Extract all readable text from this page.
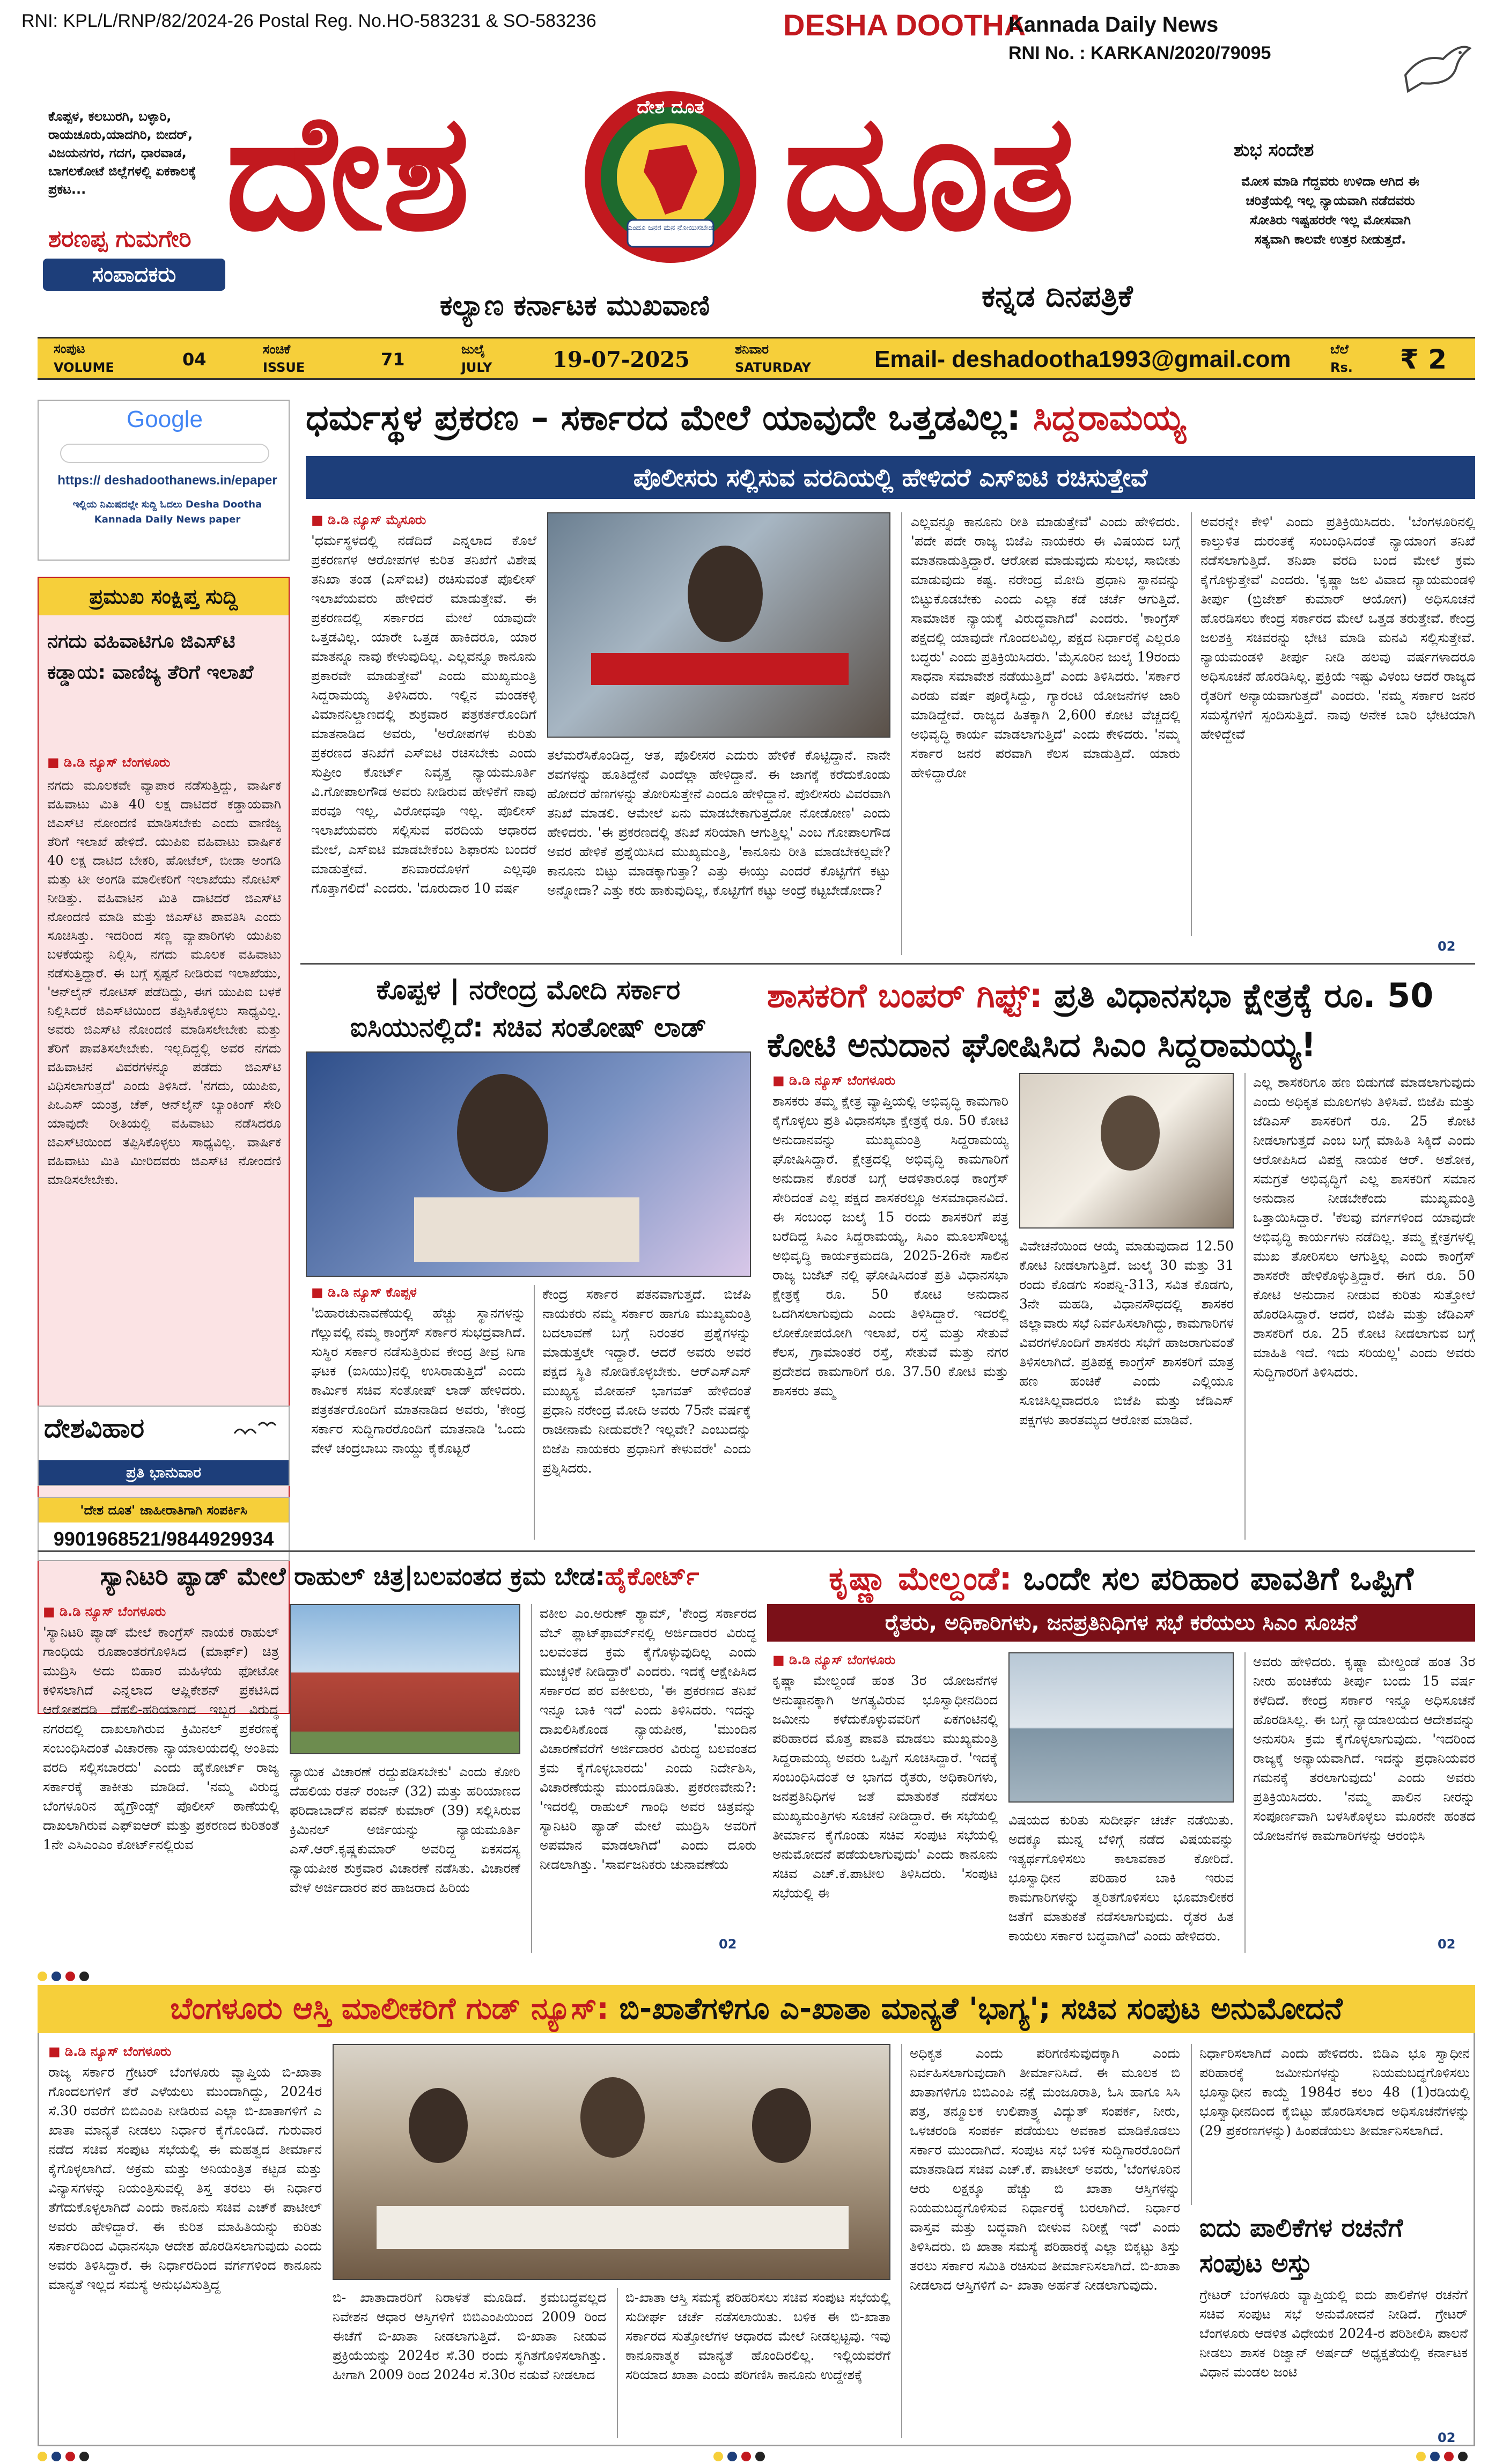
RNI: KPL/L/RNP/82/2024-26 Postal Reg. No.HO-583231 & SO-583236	DESHA DOOTHA
Kannada Daily News
RNI No. : KARKAN/2020/79095
ಕೊಪ್ಪಳ, ಕಲಬುರಗಿ, ಬಳ್ಳಾರಿ, ರಾಯಚೂರು,ಯಾದಗಿರಿ, ಬೀದರ್, ವಿಜಯನಗರ, ಗದಗ, ಧಾರವಾಡ, ಬಾಗಲಕೋಟೆ ಜಿಲ್ಲೆಗಳಲ್ಲಿ ಏಕಕಾಲಕ್ಕೆ ಪ್ರಕಟ... ದೇಶ ದೂತ
ದೇಶ ದೂತ
ಎಂದೂ ಜನರ ಮನ ನೋಯಿಸಬೇಡ
ಶರಣಪ್ಪ ಗುಮಗೇರಿ
ಸಂಪಾದಕರು
ಕಲ್ಯಾಣ ಕರ್ನಾಟಕ ಮುಖವಾಣಿ	ಕನ್ನಡ ದಿನಪತ್ರಿಕೆ
ಶುಭ ಸಂದೇಶ
ಮೋಸ ಮಾಡಿ ಗೆದ್ದವರು ಉಳಿದಾ ಆಗಿದ ಈ ಚರಿತ್ರೆಯಲ್ಲಿ ಇಲ್ಲ ನ್ಯಾಯವಾಗಿ ನಡೆದವರು ಸೋತಿರು ಇಷ್ಟಹರರೇ ಇಲ್ಲ ಮೋಸವಾಗಿ ಸತ್ಯವಾಗಿ ಕಾಲವೇ ಉತ್ತರ ನೀಡುತ್ತದೆ.
ಸಂಪುಟ
VOLUME	04	ಸಂಚಿಕೆ
ISSUE	71	ಜುಲೈ
JULY	19-07-2025	ಶನಿವಾರ
SATURDAY	Email- deshadootha1993@gmail.com	ಬೆಲೆ
Rs. ₹ 2
Google
https:// deshadoothanews.in/epaper
ಇಲ್ಲಿಯ ನಿಮಿಷದಲ್ಲೇ ಸುದ್ದಿ ಓದಲು Desha Dootha Kannada Daily News paper
ಪ್ರಮುಖ ಸಂಕ್ಷಿಪ್ತ ಸುದ್ದಿ
ನಗದು ವಹಿವಾಟಿಗೂ ಜಿಎಸ್‌ಟಿ ಕಡ್ಡಾಯ: ವಾಣಿಜ್ಯ ತೆರಿಗೆ ಇಲಾಖೆ
■ ಡಿ.ಡಿ ನ್ಯೂಸ್ ಬೆಂಗಳೂರು
ನಗದು ಮೂಲಕವೇ ವ್ಯಾಪಾರ ನಡೆಸುತ್ತಿದ್ದು, ವಾರ್ಷಿಕ ವಹಿವಾಟು ಮಿತಿ 40 ಲಕ್ಷ ದಾಟಿದರೆ ಕಡ್ಡಾಯವಾಗಿ ಜಿಎಸ್‌ಟಿ ನೋಂದಣಿ ಮಾಡಿಸಬೇಕು ಎಂದು ವಾಣಿಜ್ಯ ತೆರಿಗೆ ಇಲಾಖೆ ಹೇಳಿದೆ. ಯುಪಿಐ ವಹಿವಾಟು ವಾರ್ಷಿಕ 40 ಲಕ್ಷ ದಾಟಿದ ಬೇಕರಿ, ಹೋಟೆಲ್, ಬೀಡಾ ಅಂಗಡಿ ಮತ್ತು ಟೀ ಅಂಗಡಿ ಮಾಲೀಕರಿಗೆ ಇಲಾಖೆಯು ನೋಟಿಸ್ ನೀಡಿತ್ತು. ವಹಿವಾಟಿನ ಮಿತಿ ದಾಟಿದರೆ ಜಿಎಸ್‌ಟಿ ನೋಂದಣಿ ಮಾಡಿ ಮತ್ತು ಜಿಎಸ್‌ಟಿ ಪಾವತಿಸಿ ಎಂದು ಸೂಚಿಸಿತ್ತು. ಇದರಿಂದ ಸಣ್ಣ ವ್ಯಾಪಾರಿಗಳು ಯುಪಿಐ ಬಳಕೆಯನ್ನು ನಿಲ್ಲಿಸಿ, ನಗದು ಮೂಲಕ ವಹಿವಾಟು ನಡೆಸುತ್ತಿದ್ದಾರೆ. ಈ ಬಗ್ಗೆ ಸ್ಪಷ್ಟನೆ ನೀಡಿರುವ ಇಲಾಖೆಯು, 'ಆನ್‌ಲೈನ್ ನೋಟಿಸ್ ಪಡೆದಿದ್ದು, ಈಗ ಯುಪಿಐ ಬಳಕೆ ನಿಲ್ಲಿಸಿದರೆ ಜಿಎಸ್‌ಟಿಯಿಂದ ತಪ್ಪಿಸಿಕೊಳ್ಳಲು ಸಾಧ್ಯವಿಲ್ಲ. ಅವರು ಜಿಎಸ್‌ಟಿ ನೋಂದಣಿ ಮಾಡಿಸಲೇಬೇಕು ಮತ್ತು ತೆರಿಗೆ ಪಾವತಿಸಲೇಬೇಕು. ಇಲ್ಲದಿದ್ದಲ್ಲಿ ಅವರ ನಗದು ವಹಿವಾಟಿನ ವಿವರಗಳನ್ನೂ ಪಡೆದು ಜಿಎಸ್‌ಟಿ ವಿಧಿಸಲಾಗುತ್ತದೆ' ಎಂದು ತಿಳಿಸಿದೆ. 'ನಗದು, ಯುಪಿಐ, ಪಿಒಎಸ್ ಯಂತ್ರ, ಚೆಕ್, ಆನ್‌ಲೈನ್ ಬ್ಯಾಂಕಿಂಗ್ ಸೇರಿ ಯಾವುದೇ ರೀತಿಯಲ್ಲಿ ವಹಿವಾಟು ನಡೆಸಿದರೂ ಜಿಎಸ್‌ಟಿಯಿಂದ ತಪ್ಪಿಸಿಕೊಳ್ಳಲು ಸಾಧ್ಯವಿಲ್ಲ. ವಾರ್ಷಿಕ ವಹಿವಾಟು ಮಿತಿ ಮೀರಿದವರು ಜಿಎಸ್‌ಟಿ ನೋಂದಣಿ ಮಾಡಿಸಲೇಬೇಕು.
ದೇಶವಿಹಾರ
ಪ್ರತಿ ಭಾನುವಾರ
'ದೇಶ ದೂತ' ಜಾಹೀರಾತಿಗಾಗಿ ಸಂಪರ್ಕಿಸಿ
9901968521/9844929934
ಧರ್ಮಸ್ಥಳ ಪ್ರಕರಣ – ಸರ್ಕಾರದ ಮೇಲೆ ಯಾವುದೇ ಒತ್ತಡವಿಲ್ಲ: ಸಿದ್ದರಾಮಯ್ಯ
ಪೊಲೀಸರು ಸಲ್ಲಿಸುವ ವರದಿಯಲ್ಲಿ ಹೇಳಿದರೆ ಎಸ್‌ಐಟಿ ರಚಿಸುತ್ತೇವೆ
■ ಡಿ.ಡಿ ನ್ಯೂಸ್ ಮೈಸೂರು
'ಧರ್ಮಸ್ಥಳದಲ್ಲಿ ನಡೆದಿದೆ ಎನ್ನಲಾದ ಕೊಲೆ ಪ್ರಕರಣಗಳ ಆರೋಪಗಳ ಕುರಿತ ತನಿಖೆಗೆ ವಿಶೇಷ ತನಿಖಾ ತಂಡ (ಎಸ್‌ಐಟಿ) ರಚಿಸುವಂತೆ ಪೊಲೀಸ್ ಇಲಾಖೆಯವರು ಹೇಳಿದರೆ ಮಾಡುತ್ತೇವೆ. ಈ ಪ್ರಕರಣದಲ್ಲಿ ಸರ್ಕಾರದ ಮೇಲೆ ಯಾವುದೇ ಒತ್ತಡವಿಲ್ಲ. ಯಾರೇ ಒತ್ತಡ ಹಾಕಿದರೂ, ಯಾರ ಮಾತನ್ನೂ ನಾವು ಕೇಳುವುದಿಲ್ಲ. ಎಲ್ಲವನ್ನೂ ಕಾನೂನು ಪ್ರಕಾರವೇ ಮಾಡುತ್ತೇವೆ' ಎಂದು ಮುಖ್ಯಮಂತ್ರಿ ಸಿದ್ದರಾಮಯ್ಯ ತಿಳಿಸಿದರು. ಇಲ್ಲಿನ ಮಂಡಕಳ್ಳಿ ವಿಮಾನನಿಲ್ದಾಣದಲ್ಲಿ ಶುಕ್ರವಾರ ಪತ್ರಕರ್ತರೊಂದಿಗೆ ಮಾತನಾಡಿದ ಅವರು, 'ಅರೋಪಗಳ ಕುರಿತು ಪ್ರಕರಣದ ತನಿಖೆಗೆ ಎಸ್‌ಐಟಿ ರಚಿಸಬೇಕು ಎಂದು ಸುಪ್ರೀಂ ಕೋರ್ಟ್ ನಿವೃತ್ತ ನ್ಯಾಯಮೂರ್ತಿ ವಿ.ಗೋಪಾಲಗೌಡ ಅವರು ನೀಡಿರುವ ಹೇಳಿಕೆಗೆ ನಾವು ಪರವೂ ಇಲ್ಲ, ವಿರೋಧವೂ ಇಲ್ಲ. ಪೊಲೀಸ್ ಇಲಾಖೆಯವರು ಸಲ್ಲಿಸುವ ವರದಿಯ ಆಧಾರದ ಮೇಲೆ, ಎಸ್‌ಐಟಿ ಮಾಡಬೇಕೆಂಬ ಶಿಫಾರಸು ಬಂದರೆ ಮಾಡುತ್ತೇವೆ. ಶನಿವಾರದೊಳಗೆ ಎಲ್ಲವೂ ಗೊತ್ತಾಗಲಿದೆ' ಎಂದರು. 'ದೂರುದಾರ 10 ವರ್ಷ
ತಲೆಮರೆಸಿಕೊಂಡಿದ್ದ, ಆತ, ಪೊಲೀಸರ ಎದುರು ಹೇಳಿಕೆ ಕೊಟ್ಟಿದ್ದಾನೆ. ನಾನೇ ಶವಗಳನ್ನು ಹೂತಿದ್ದೇನೆ ಎಂದೆಲ್ಲಾ ಹೇಳಿದ್ದಾನೆ. ಈ ಜಾಗಕ್ಕೆ ಕರೆದುಕೊಂಡು ಹೋದರೆ ಹೆಣಗಳನ್ನು ತೋರಿಸುತ್ತೇನೆ ಎಂದೂ ಹೇಳಿದ್ದಾನೆ. ಪೊಲೀಸರು ವಿವರವಾಗಿ ತನಿಖೆ ಮಾಡಲಿ. ಆಮೇಲೆ ಏನು ಮಾಡಬೇಕಾಗುತ್ತದೋ ನೋಡೋಣ' ಎಂದು ಹೇಳಿದರು. 'ಈ ಪ್ರಕರಣದಲ್ಲಿ ತನಿಖೆ ಸರಿಯಾಗಿ ಆಗುತ್ತಿಲ್ಲ' ಎಂಬ ಗೋಪಾಲಗೌಡ ಅವರ ಹೇಳಿಕೆ ಪ್ರಶ್ನೆಯಿಸಿದ ಮುಖ್ಯಮಂತ್ರಿ, 'ಕಾನೂನು ರೀತಿ ಮಾಡಬೇಕಲ್ಲವೇ? ಕಾನೂನು ಬಿಟ್ಟು ಮಾಡಕ್ಕಾಗುತ್ತಾ? ಎತ್ತು ಈಯ್ತು ಎಂದರೆ ಕೊಟ್ಟಿಗೆಗೆ ಕಟ್ಟು ಅನ್ನೋದಾ? ಎತ್ತು ಕರು ಹಾಕುವುದಿಲ್ಲ, ಕೊಟ್ಟಿಗೆಗೆ ಕಟ್ಟು ಅಂದ್ರೆ ಕಟ್ಟಬೇಡೋದಾ?
ಎಲ್ಲವನ್ನೂ ಕಾನೂನು ರೀತಿ ಮಾಡುತ್ತೇವೆ' ಎಂದು ಹೇಳಿದರು. 'ಪದೇ ಪದೇ ರಾಜ್ಯ ಬಿಜೆಪಿ ನಾಯಕರು ಈ ವಿಷಯದ ಬಗ್ಗೆ ಮಾತನಾಡುತ್ತಿದ್ದಾರೆ. ಆರೋಪ ಮಾಡುವುದು ಸುಲಭ, ಸಾಬೀತು ಮಾಡುವುದು ಕಷ್ಟ. ನರೇಂದ್ರ ಮೋದಿ ಪ್ರಧಾನಿ ಸ್ಥಾನವನ್ನು ಬಿಟ್ಟುಕೊಡಬೇಕು ಎಂದು ಎಲ್ಲಾ ಕಡೆ ಚರ್ಚೆ ಆಗುತ್ತಿದೆ. ಸಾಮಾಜಿಕ ನ್ಯಾಯಕ್ಕೆ ವಿರುದ್ಧವಾಗಿದೆ' ಎಂದರು. 'ಕಾಂಗ್ರೆಸ್ ಪಕ್ಷದಲ್ಲಿ ಯಾವುದೇ ಗೊಂದಲವಿಲ್ಲ, ಪಕ್ಷದ ನಿರ್ಧಾರಕ್ಕೆ ಎಲ್ಲರೂ ಬದ್ಧರು' ಎಂದು ಪ್ರತಿಕ್ರಿಯಿಸಿದರು. 'ಮೈಸೂರಿನ ಜುಲೈ 19ರಂದು ಸಾಧನಾ ಸಮಾವೇಶ ನಡೆಯುತ್ತಿದೆ' ಎಂದು ತಿಳಿಸಿದರು. 'ಸರ್ಕಾರ ಎರಡು ವರ್ಷ ಪೂರೈಸಿದ್ದು, ಗ್ಯಾರಂಟಿ ಯೋಜನೆಗಳ ಜಾರಿ ಮಾಡಿದ್ದೇವೆ. ರಾಜ್ಯದ ಹಿತಕ್ಕಾಗಿ 2,600 ಕೋಟಿ ವೆಚ್ಚದಲ್ಲಿ ಅಭಿವೃದ್ಧಿ ಕಾರ್ಯ ಮಾಡಲಾಗುತ್ತಿದೆ' ಎಂದು ಕೇಳಿದರು. 'ನಮ್ಮ ಸರ್ಕಾರ ಜನರ ಪರವಾಗಿ ಕೆಲಸ ಮಾಡುತ್ತಿದೆ. ಯಾರು ಹೇಳಿದ್ದಾರೋ
ಅವರನ್ನೇ ಕೇಳಿ' ಎಂದು ಪ್ರತಿಕ್ರಿಯಿಸಿದರು. 'ಬೆಂಗಳೂರಿನಲ್ಲಿ ಕಾಲ್ತುಳಿತ ದುರಂತಕ್ಕೆ ಸಂಬಂಧಿಸಿದಂತೆ ನ್ಯಾಯಾಂಗ ತನಿಖೆ ನಡೆಸಲಾಗುತ್ತಿದೆ. ತನಿಖಾ ವರದಿ ಬಂದ ಮೇಲೆ ಕ್ರಮ ಕೈಗೊಳ್ಳುತ್ತೇವೆ' ಎಂದರು. 'ಕೃಷ್ಣಾ ಜಲ ವಿವಾದ ನ್ಯಾಯಮಂಡಳಿ ತೀರ್ಪು (ಬ್ರಿಜೇಶ್ ಕುಮಾರ್ ಆಯೋಗ) ಅಧಿಸೂಚನೆ ಹೊರಡಿಸಲು ಕೇಂದ್ರ ಸರ್ಕಾರದ ಮೇಲೆ ಒತ್ತಡ ತರುತ್ತೇವೆ. ಕೇಂದ್ರ ಜಲಶಕ್ತಿ ಸಚಿವರನ್ನು ಭೇಟಿ ಮಾಡಿ ಮನವಿ ಸಲ್ಲಿಸುತ್ತೇವೆ. ನ್ಯಾಯಮಂಡಳಿ ತೀರ್ಪು ನೀಡಿ ಹಲವು ವರ್ಷಗಳಾದರೂ ಅಧಿಸೂಚನೆ ಹೊರಡಿಸಿಲ್ಲ. ಪ್ರಕ್ರಿಯೆ ಇಷ್ಟು ವಿಳಂಬ ಆದರೆ ರಾಜ್ಯದ ರೈತರಿಗೆ ಅನ್ಯಾಯವಾಗುತ್ತದೆ' ಎಂದರು. 'ನಮ್ಮ ಸರ್ಕಾರ ಜನರ ಸಮಸ್ಯೆಗಳಿಗೆ ಸ್ಪಂದಿಸುತ್ತಿದೆ. ನಾವು ಅನೇಕ ಬಾರಿ ಭೇಟಿಯಾಗಿ ಹೇಳಿದ್ದೇವೆ
02
ಕೊಪ್ಪಳ | ನರೇಂದ್ರ ಮೋದಿ ಸರ್ಕಾರ ಐಸಿಯುನಲ್ಲಿದೆ: ಸಚಿವ ಸಂತೋಷ್ ಲಾಡ್
■ ಡಿ.ಡಿ ನ್ಯೂಸ್ ಕೊಪ್ಪಳ
'ಬಿಹಾರಚುನಾವಣೆಯಲ್ಲಿ ಹೆಚ್ಚು ಸ್ಥಾನಗಳನ್ನು ಗೆಲ್ಲುವಲ್ಲಿ ನಮ್ಮ ಕಾಂಗ್ರೆಸ್ ಸರ್ಕಾರ ಸುಭದ್ರವಾಗಿದೆ. ಸುಸ್ಥಿರ ಸರ್ಕಾರ ನಡೆಸುತ್ತಿರುವ ಕೇಂದ್ರ ತೀವ್ರ ನಿಗಾ ಘಟಕ (ಐಸಿಯು)ನಲ್ಲಿ ಉಸಿರಾಡುತ್ತಿದೆ' ಎಂದು ಕಾರ್ಮಿಕ ಸಚಿವ ಸಂತೋಷ್ ಲಾಡ್ ಹೇಳಿದರು. ಪತ್ರಕರ್ತರೊಂದಿಗೆ ಮಾತನಾಡಿದ ಅವರು, 'ಕೇಂದ್ರ ಸರ್ಕಾರ ಸುದ್ದಿಗಾರರೊಂದಿಗೆ ಮಾತನಾಡಿ 'ಒಂದು ವೇಳೆ ಚಂದ್ರಬಾಬು ನಾಯ್ಡು ಕೈಕೊಟ್ಟರೆ
ಕೇಂದ್ರ ಸರ್ಕಾರ ಪತನವಾಗುತ್ತದೆ. ಬಿಜೆಪಿ ನಾಯಕರು ನಮ್ಮ ಸರ್ಕಾರ ಹಾಗೂ ಮುಖ್ಯಮಂತ್ರಿ ಬದಲಾವಣೆ ಬಗ್ಗೆ ನಿರಂತರ ಪ್ರಶ್ನೆಗಳನ್ನು ಮಾಡುತ್ತಲೇ ಇದ್ದಾರೆ. ಆದರೆ ಅವರು ಅವರ ಪಕ್ಷದ ಸ್ಥಿತಿ ನೋಡಿಕೊಳ್ಳಬೇಕು. ಆರ್‌ಎಸ್‌ಎಸ್ ಮುಖ್ಯಸ್ಥ ಮೋಹನ್ ಭಾಗವತ್ ಹೇಳಿದಂತೆ ಪ್ರಧಾನಿ ನರೇಂದ್ರ ಮೋದಿ ಅವರು 75ನೇ ವರ್ಷಕ್ಕೆ ರಾಜೀನಾಮೆ ನೀಡುವರೇ? ಇಲ್ಲವೇ? ಎಂಬುದನ್ನು ಬಿಜೆಪಿ ನಾಯಕರು ಪ್ರಧಾನಿಗೆ ಕೇಳುವರೇ' ಎಂದು ಪ್ರಶ್ನಿಸಿದರು.
ಶಾಸಕರಿಗೆ ಬಂಪರ್ ಗಿಫ್ಟ್: ಪ್ರತಿ ವಿಧಾನಸಭಾ ಕ್ಷೇತ್ರಕ್ಕೆ ರೂ. 50 ಕೋಟಿ ಅನುದಾನ ಘೋಷಿಸಿದ ಸಿಎಂ ಸಿದ್ದರಾಮಯ್ಯ!
■ ಡಿ.ಡಿ ನ್ಯೂಸ್ ಬೆಂಗಳೂರು
ಶಾಸಕರು ತಮ್ಮ ಕ್ಷೇತ್ರ ವ್ಯಾಪ್ತಿಯಲ್ಲಿ ಅಭಿವೃದ್ಧಿ ಕಾಮಗಾರಿ ಕೈಗೊಳ್ಳಲು ಪ್ರತಿ ವಿಧಾನಸಭಾ ಕ್ಷೇತ್ರಕ್ಕೆ ರೂ. 50 ಕೋಟಿ ಅನುದಾನವನ್ನು ಮುಖ್ಯಮಂತ್ರಿ ಸಿದ್ದರಾಮಯ್ಯ ಘೋಷಿಸಿದ್ದಾರೆ. ಕ್ಷೇತ್ರದಲ್ಲಿ ಅಭಿವೃದ್ಧಿ ಕಾಮಗಾರಿಗೆ ಅನುದಾನ ಕೊರತೆ ಬಗ್ಗೆ ಆಡಳಿತಾರೂಢ ಕಾಂಗ್ರೆಸ್ ಸೇರಿದಂತೆ ಎಲ್ಲ ಪಕ್ಷದ ಶಾಸಕರಲ್ಲೂ ಅಸಮಾಧಾನವಿದೆ. ಈ ಸಂಬಂಧ ಜುಲೈ 15 ರಂದು ಶಾಸಕರಿಗೆ ಪತ್ರ ಬರೆದಿದ್ದ ಸಿಎಂ ಸಿದ್ದರಾಮಯ್ಯ, ಸಿಎಂ ಮೂಲಸೌಲಭ್ಯ ಅಭಿವೃದ್ಧಿ ಕಾರ್ಯಕ್ರಮದಡಿ, 2025-26ನೇ ಸಾಲಿನ ರಾಜ್ಯ ಬಜೆಟ್ ನಲ್ಲಿ ಘೋಷಿಸಿದಂತೆ ಪ್ರತಿ ವಿಧಾನಸಭಾ ಕ್ಷೇತ್ರಕ್ಕೆ ರೂ. 50 ಕೋಟಿ ಅನುದಾನ ಒದಗಿಸಲಾಗುವುದು ಎಂದು ತಿಳಿಸಿದ್ದಾರೆ. ಇದರಲ್ಲಿ ಲೋಕೋಪಯೋಗಿ ಇಲಾಖೆ, ರಸ್ತೆ ಮತ್ತು ಸೇತುವೆ ಕೆಲಸ, ಗ್ರಾಮಾಂತರ ರಸ್ತೆ, ಸೇತುವೆ ಮತ್ತು ನಗರ ಪ್ರದೇಶದ ಕಾಮಗಾರಿಗೆ ರೂ. 37.50 ಕೋಟಿ ಮತ್ತು ಶಾಸಕರು ತಮ್ಮ
ವಿವೇಚನೆಯಿಂದ ಆಯ್ಕೆ ಮಾಡುವುದಾದ 12.50 ಕೋಟಿ ನೀಡಲಾಗುತ್ತಿದೆ. ಜುಲೈ 30 ಮತ್ತು 31 ರಂದು ಕೊಡಗು ಸಂಪನ್ನಿ-313, ಸವಿತ ಕೊಡಗು, 3ನೇ ಮಹಡಿ, ವಿಧಾನಸೌಧದಲ್ಲಿ ಶಾಸಕರ ಜಿಲ್ಲಾವಾರು ಸಭೆ ನಿರ್ವಹಿಸಲಾಗಿದ್ದು, ಕಾಮಗಾರಿಗಳ ವಿವರಗಳೊಂದಿಗೆ ಶಾಸಕರು ಸಭೆಗೆ ಹಾಜರಾಗುವಂತೆ ತಿಳಿಸಲಾಗಿದೆ. ಪ್ರತಿಪಕ್ಷ ಕಾಂಗ್ರೆಸ್ ಶಾಸಕರಿಗೆ ಮಾತ್ರ ಹಣ ಹಂಚಿಕೆ ಎಂದು ಎಲ್ಲಿಯೂ ಸೂಚಿಸಿಲ್ಲವಾದರೂ ಬಿಜೆಪಿ ಮತ್ತು ಜೆಡಿಎಸ್ ಪಕ್ಷಗಳು ತಾರತಮ್ಯದ ಆರೋಪ ಮಾಡಿವೆ.
ಎಲ್ಲ ಶಾಸಕರಿಗೂ ಹಣ ಬಿಡುಗಡೆ ಮಾಡಲಾಗುವುದು ಎಂದು ಅಧಿಕೃತ ಮೂಲಗಳು ತಿಳಿಸಿವೆ. ಬಿಜೆಪಿ ಮತ್ತು ಜೆಡಿಎಸ್ ಶಾಸಕರಿಗೆ ರೂ. 25 ಕೋಟಿ ನೀಡಲಾಗುತ್ತದೆ ಎಂಬ ಬಗ್ಗೆ ಮಾಹಿತಿ ಸಿಕ್ಕಿದೆ ಎಂದು ಆರೋಪಿಸಿದ ವಿಪಕ್ಷ ನಾಯಕ ಆರ್. ಅಶೋಕ, ಸಮಗ್ರತೆ ಅಭಿವೃದ್ಧಿಗೆ ಎಲ್ಲ ಶಾಸಕರಿಗೆ ಸಮಾನ ಅನುದಾನ ನೀಡಬೇಕೆಂದು ಮುಖ್ಯಮಂತ್ರಿ ಒತ್ತಾಯಿಸಿದ್ದಾರೆ. 'ಕೆಲವು ವರ್ಗಗಳಿಂದ ಯಾವುದೇ ಅಭಿವೃದ್ಧಿ ಕಾರ್ಯಗಳು ನಡೆದಿಲ್ಲ. ತಮ್ಮ ಕ್ಷೇತ್ರಗಳಲ್ಲಿ ಮುಖ ತೋರಿಸಲು ಆಗುತ್ತಿಲ್ಲ ಎಂದು ಕಾಂಗ್ರೆಸ್ ಶಾಸಕರೇ ಹೇಳಿಕೊಳ್ಳುತ್ತಿದ್ದಾರೆ. ಈಗ ರೂ. 50 ಕೋಟಿ ಅನುದಾನ ನೀಡುವ ಕುರಿತು ಸುತ್ತೋಲೆ ಹೊರಡಿಸಿದ್ದಾರೆ. ಆದರೆ, ಬಿಜೆಪಿ ಮತ್ತು ಜೆಡಿಎಸ್ ಶಾಸಕರಿಗೆ ರೂ. 25 ಕೋಟಿ ನೀಡಲಾಗುವ ಬಗ್ಗೆ ಮಾಹಿತಿ ಇದೆ. ಇದು ಸರಿಯಲ್ಲ' ಎಂದು ಅವರು ಸುದ್ದಿಗಾರರಿಗೆ ತಿಳಿಸಿದರು.
ಸ್ಯಾನಿಟರಿ ಪ್ಯಾಡ್ ಮೇಲೆ ರಾಹುಲ್ ಚಿತ್ರ|ಬಲವಂತದ ಕ್ರಮ ಬೇಡ:ಹೈಕೋರ್ಟ್
■ ಡಿ.ಡಿ ನ್ಯೂಸ್ ಬೆಂಗಳೂರು
'ಸ್ಯಾನಿಟರಿ ಪ್ಯಾಡ್ ಮೇಲೆ ಕಾಂಗ್ರೆಸ್ ನಾಯಕ ರಾಹುಲ್ ಗಾಂಧಿಯ ರೂಪಾಂತರಗೊಳಿಸಿದ (ಮಾರ್ಫ್) ಚಿತ್ರ ಮುದ್ರಿಸಿ ಅದು ಬಿಹಾರ ಮಹಿಳೆಯ ಫೋಟೋ ಕಳಿಸಲಾಗಿದೆ ಎನ್ನಲಾದ ಆಪ್ಲಿಕೇಶನ್ ಪ್ರಕಟಿಸಿದ ಆರೋಪದಡಿ ದೆಹಲಿ-ಹರಿಯಾಣದ ಇಬ್ಬರ ವಿರುದ್ಧ ನಗರದಲ್ಲಿ ದಾಖಲಾಗಿರುವ ಕ್ರಿಮಿನಲ್ ಪ್ರಕರಣಕ್ಕೆ ಸಂಬಂಧಿಸಿದಂತೆ ವಿಚಾರಣಾ ನ್ಯಾಯಾಲಯದಲ್ಲಿ ಅಂತಿಮ ವರದಿ ಸಲ್ಲಿಸಬಾರದು' ಎಂದು ಹೈಕೋರ್ಟ್ ರಾಜ್ಯ ಸರ್ಕಾರಕ್ಕೆ ತಾಕೀತು ಮಾಡಿದೆ. 'ನಮ್ಮ ವಿರುದ್ಧ ಬೆಂಗಳೂರಿನ ಹೈಗ್ರೌಂಡ್ಸ್ ಪೊಲೀಸ್ ಠಾಣೆಯಲ್ಲಿ ದಾಖಲಾಗಿರುವ ಎಫ್‌ಐಆರ್ ಮತ್ತು ಪ್ರಕರಣದ ಕುರಿತಂತೆ 1ನೇ ಎಸಿಎಂಎಂ ಕೋರ್ಟ್‌ನಲ್ಲಿರುವ
ನ್ಯಾಯಿಕ ವಿಚಾರಣೆ ರದ್ದುಪಡಿಸಬೇಕು' ಎಂದು ಕೋರಿ ದೆಹಲಿಯ ರತನ್ ರಂಜನ್ (32) ಮತ್ತು ಹರಿಯಾಣದ ಫರಿದಾಬಾದ್‌ನ ಪವನ್ ಕುಮಾರ್ (39) ಸಲ್ಲಿಸಿರುವ ಕ್ರಿಮಿನಲ್ ಅರ್ಜಿಯನ್ನು ನ್ಯಾಯಮೂರ್ತಿ ಎಸ್.ಆರ್.ಕೃಷ್ಣಕುಮಾರ್ ಅವರಿದ್ದ ಏಕಸದಸ್ಯ ನ್ಯಾಯಪೀಠ ಶುಕ್ರವಾರ ವಿಚಾರಣೆ ನಡೆಸಿತು. ವಿಚಾರಣೆ ವೇಳೆ ಅರ್ಜಿದಾರರ ಪರ ಹಾಜರಾದ ಹಿರಿಯ
ವಕೀಲ ಎಂ.ಅರುಣ್ ಶ್ಯಾಮ್, 'ಕೇಂದ್ರ ಸರ್ಕಾರದ ವೆಬ್ ಪ್ಲಾಟ್‌ಫಾರ್ಮ್‌ನಲ್ಲಿ ಅರ್ಜಿದಾರರ ವಿರುದ್ಧ ಬಲವಂತದ ಕ್ರಮ ಕೈಗೊಳ್ಳುವುದಿಲ್ಲ ಎಂದು ಮುಚ್ಚಳಿಕೆ ನೀಡಿದ್ದಾರೆ' ಎಂದರು. ಇದಕ್ಕೆ ಆಕ್ಷೇಪಿಸಿದ ಸರ್ಕಾರದ ಪರ ವಕೀಲರು, 'ಈ ಪ್ರಕರಣದ ತನಿಖೆ ಇನ್ನೂ ಬಾಕಿ ಇದೆ' ಎಂದು ತಿಳಿಸಿದರು. ಇದನ್ನು ದಾಖಲಿಸಿಕೊಂಡ ನ್ಯಾಯಪೀಠ, 'ಮುಂದಿನ ವಿಚಾರಣೆವರೆಗೆ ಅರ್ಜಿದಾರರ ವಿರುದ್ಧ ಬಲವಂತದ ಕ್ರಮ ಕೈಗೊಳ್ಳಬಾರದು' ಎಂದು ನಿರ್ದೇಶಿಸಿ, ವಿಚಾರಣೆಯನ್ನು ಮುಂದೂಡಿತು. ಪ್ರಕರಣವೇನು?: 'ಇದರಲ್ಲಿ ರಾಹುಲ್ ಗಾಂಧಿ ಅವರ ಚಿತ್ರವನ್ನು ಸ್ಯಾನಿಟರಿ ಪ್ಯಾಡ್ ಮೇಲೆ ಮುದ್ರಿಸಿ ಅವರಿಗೆ ಅಪಮಾನ ಮಾಡಲಾಗಿದೆ' ಎಂದು ದೂರು ನೀಡಲಾಗಿತ್ತು. 'ಸಾರ್ವಜನಿಕರು ಚುನಾವಣೆಯ
02
ಕೃಷ್ಣಾ ಮೇಲ್ದಂಡೆ: ಒಂದೇ ಸಲ ಪರಿಹಾರ ಪಾವತಿಗೆ ಒಪ್ಪಿಗೆ
ರೈತರು, ಅಧಿಕಾರಿಗಳು, ಜನಪ್ರತಿನಿಧಿಗಳ ಸಭೆ ಕರೆಯಲು ಸಿಎಂ ಸೂಚನೆ
■ ಡಿ.ಡಿ ನ್ಯೂಸ್ ಬೆಂಗಳೂರು
ಕೃಷ್ಣಾ ಮೇಲ್ದಂಡೆ ಹಂತ 3ರ ಯೋಜನೆಗಳ ಅನುಷ್ಠಾನಕ್ಕಾಗಿ ಅಗತ್ಯವಿರುವ ಭೂಸ್ವಾಧೀನದಿಂದ ಜಮೀನು ಕಳೆದುಕೊಳ್ಳುವವರಿಗೆ ಏಕಗಂಟಿನಲ್ಲಿ ಪರಿಹಾರದ ಮೊತ್ತ ಪಾವತಿ ಮಾಡಲು ಮುಖ್ಯಮಂತ್ರಿ ಸಿದ್ದರಾಮಯ್ಯ ಅವರು ಒಪ್ಪಿಗೆ ಸೂಚಿಸಿದ್ದಾರೆ. 'ಇದಕ್ಕೆ ಸಂಬಂಧಿಸಿದಂತೆ ಆ ಭಾಗದ ರೈತರು, ಅಧಿಕಾರಿಗಳು, ಜನಪ್ರತಿನಿಧಿಗಳ ಜತೆ ಮಾತುಕತೆ ನಡೆಸಲು ಮುಖ್ಯಮಂತ್ರಿಗಳು ಸೂಚನೆ ನೀಡಿದ್ದಾರೆ. ಈ ಸಭೆಯಲ್ಲಿ ತೀರ್ಮಾನ ಕೈಗೊಂಡು ಸಚಿವ ಸಂಪುಟ ಸಭೆಯಲ್ಲಿ ಅನುಮೋದನೆ ಪಡೆಯಲಾಗುವುದು' ಎಂದು ಕಾನೂನು ಸಚಿವ ಎಚ್.ಕೆ.ಪಾಟೀಲ ತಿಳಿಸಿದರು. 'ಸಂಪುಟ ಸಭೆಯಲ್ಲಿ ಈ
ವಿಷಯದ ಕುರಿತು ಸುದೀರ್ಘ ಚರ್ಚೆ ನಡೆಯಿತು. ಅದಕ್ಕೂ ಮುನ್ನ ಬೆಳಿಗ್ಗೆ ನಡೆದ ವಿಷಯವನ್ನು ಇತ್ಯರ್ಥಗೊಳಿಸಲು ಕಾಲಾವಕಾಶ ಕೋರಿದೆ. ಭೂಸ್ವಾಧೀನ ಪರಿಹಾರ ಬಾಕಿ ಇರುವ ಕಾಮಗಾರಿಗಳನ್ನು ತ್ವರಿತಗೊಳಿಸಲು ಭೂಮಾಲೀಕರ ಜತೆಗೆ ಮಾತುಕತೆ ನಡೆಸಲಾಗುವುದು. ರೈತರ ಹಿತ ಕಾಯಲು ಸರ್ಕಾರ ಬದ್ಧವಾಗಿದೆ' ಎಂದು ಹೇಳಿದರು.
ಅವರು ಹೇಳಿದರು. ಕೃಷ್ಣಾ ಮೇಲ್ದಂಡೆ ಹಂತ 3ರ ನೀರು ಹಂಚಿಕೆಯ ತೀರ್ಪು ಬಂದು 15 ವರ್ಷ ಕಳೆದಿದೆ. ಕೇಂದ್ರ ಸರ್ಕಾರ ಇನ್ನೂ ಅಧಿಸೂಚನೆ ಹೊರಡಿಸಿಲ್ಲ. ಈ ಬಗ್ಗೆ ನ್ಯಾಯಾಲಯದ ಆದೇಶವನ್ನು ಅನುಸರಿಸಿ ಕ್ರಮ ಕೈಗೊಳ್ಳಲಾಗುವುದು. 'ಇದರಿಂದ ರಾಜ್ಯಕ್ಕೆ ಅನ್ಯಾಯವಾಗಿದೆ. ಇದನ್ನು ಪ್ರಧಾನಿಯವರ ಗಮನಕ್ಕೆ ತರಲಾಗುವುದು' ಎಂದು ಅವರು ಪ್ರತಿಕ್ರಿಯಿಸಿದರು. 'ನಮ್ಮ ಪಾಲಿನ ನೀರನ್ನು ಸಂಪೂರ್ಣವಾಗಿ ಬಳಸಿಕೊಳ್ಳಲು ಮೂರನೇ ಹಂತದ ಯೋಜನೆಗಳ ಕಾಮಗಾರಿಗಳನ್ನು ಆರಂಭಿಸಿ
02
ಬೆಂಗಳೂರು ಆಸ್ತಿ ಮಾಲೀಕರಿಗೆ ಗುಡ್ ನ್ಯೂಸ್: ಬಿ-ಖಾತೆಗಳಿಗೂ ಎ-ಖಾತಾ ಮಾನ್ಯತೆ 'ಭಾಗ್ಯ'; ಸಚಿವ ಸಂಪುಟ ಅನುಮೋದನೆ
■ ಡಿ.ಡಿ ನ್ಯೂಸ್ ಬೆಂಗಳೂರು
ರಾಜ್ಯ ಸರ್ಕಾರ ಗ್ರೇಟರ್ ಬೆಂಗಳೂರು ವ್ಯಾಪ್ತಿಯ ಬಿ-ಖಾತಾ ಗೊಂದಲಗಳಿಗೆ ತೆರೆ ಎಳೆಯಲು ಮುಂದಾಗಿದ್ದು, 2024ರ ಸೆ.30 ರವರೆಗೆ ಬಿಬಿಎಂಪಿ ನೀಡಿರುವ ಎಲ್ಲಾ ಬಿ-ಖಾತಾಗಳಿಗೆ ಎ ಖಾತಾ ಮಾನ್ಯತೆ ನೀಡಲು ನಿರ್ಧಾರ ಕೈಗೊಂಡಿದೆ. ಗುರುವಾರ ನಡೆದ ಸಚಿವ ಸಂಪುಟ ಸಭೆಯಲ್ಲಿ ಈ ಮಹತ್ವದ ತೀರ್ಮಾನ ಕೈಗೊಳ್ಳಲಾಗಿದೆ. ಅಕ್ರಮ ಮತ್ತು ಅನಿಯಂತ್ರಿತ ಕಟ್ಟಡ ಮತ್ತು ವಿನ್ಯಾಸಗಳನ್ನು ನಿಯಂತ್ರಿಸುವಲ್ಲಿ ತಿಸ್ತ ತರಲು ಈ ನಿರ್ಧಾರ ತೆಗೆದುಕೊಳ್ಳಲಾಗಿದೆ ಎಂದು ಕಾನೂನು ಸಚಿವ ಎಚ್‌ಕೆ ಪಾಟೀಲ್ ಅವರು ಹೇಳಿದ್ದಾರೆ. ಈ ಕುರಿತ ಮಾಹಿತಿಯನ್ನು ಕುರಿತು ಸರ್ಕಾರದಿಂದ ವಿಧಾನಸಭಾ ಆದೇಶ ಹೊರಡಿಸಲಾಗುವುದು ಎಂದು ಅವರು ತಿಳಿಸಿದ್ದಾರೆ. ಈ ನಿರ್ಧಾರದಿಂದ ವರ್ಗಗಳಿಂದ ಕಾನೂನು ಮಾನ್ಯತೆ ಇಲ್ಲದ ಸಮಸ್ಯೆ ಅನುಭವಿಸುತ್ತಿದ್ದ
ಬಿ- ಖಾತಾದಾರರಿಗೆ ನಿರಾಳತೆ ಮೂಡಿದೆ. ಕ್ರಮಬದ್ಧವಲ್ಲದ ನಿವೇಶನ ಆಧಾರ ಆಸ್ತಿಗಳಿಗೆ ಬಿಬಿಎಂಪಿಯಿಂದ 2009 ರಿಂದ ಈಚೆಗೆ ಬಿ-ಖಾತಾ ನೀಡಲಾಗುತ್ತಿದೆ. ಬಿ-ಖಾತಾ ನೀಡುವ ಪ್ರಕ್ರಿಯೆಯನ್ನು 2024ರ ಸೆ.30 ರಂದು ಸ್ಥಗಿತಗೊಳಿಸಲಾಗಿತ್ತು. ಹೀಗಾಗಿ 2009 ರಿಂದ 2024ರ ಸೆ.30ರ ನಡುವೆ ನೀಡಲಾದ
ಬಿ-ಖಾತಾ ಆಸ್ತಿ ಸಮಸ್ಯೆ ಪರಿಹರಿಸಲು ಸಚಿವ ಸಂಪುಟ ಸಭೆಯಲ್ಲಿ ಸುದೀರ್ಘ ಚರ್ಚೆ ನಡೆಸಲಾಯಿತು. ಬಳಿಕ ಈ ಬಿ-ಖಾತಾ ಸರ್ಕಾರದ ಸುತ್ತೋಲೆಗಳ ಆಧಾರದ ಮೇಲೆ ನೀಡಲ್ಪಟ್ಟವು. ಇವು ಕಾನೂನಾತ್ಮಕ ಮಾನ್ಯತೆ ಹೊಂದಿರಲಿಲ್ಲ. ಇಲ್ಲಿಯವರೆಗೆ ಸರಿಯಾದ ಖಾತಾ ಎಂದು ಪರಿಗಣಿಸಿ ಕಾನೂನು ಉದ್ದೇಶಕ್ಕೆ
ಅಧಿಕೃತ ಎಂದು ಪರಿಗಣಿಸುವುದಕ್ಕಾಗಿ ಎಂದು ನಿರ್ವಹಿಸಲಾಗುವುದಾಗಿ ತೀರ್ಮಾನಿಸಿದೆ. ಈ ಮೂಲಕ ಬಿ ಖಾತಾಗಳಿಗೂ ಬಿಬಿಎಂಪಿ ನಕ್ಷೆ ಮಂಜೂರಾತಿ, ಓಸಿ ಹಾಗೂ ಸಿಸಿ ಪತ್ರ, ತನ್ಮೂಲಕ ಉಲಿಪಾತ್ರ್ಯ ವಿದ್ಯುತ್ ಸಂಪರ್ಕ, ನೀರು, ಒಳಚರಂಡಿ ಸಂಪರ್ಕ ಪಡೆಯಲು ಅವಕಾಶ ಮಾಡಿಕೊಡಲು ಸರ್ಕಾರ ಮುಂದಾಗಿದೆ. ಸಂಪುಟ ಸಭೆ ಬಳಿಕ ಸುದ್ದಿಗಾರರೊಂದಿಗೆ ಮಾತನಾಡಿದ ಸಚಿವ ಎಚ್.ಕೆ. ಪಾಟೀಲ್ ಅವರು, 'ಬೆಂಗಳೂರಿನ ಆರು ಲಕ್ಷಕ್ಕೂ ಹೆಚ್ಚು ಬಿ ಖಾತಾ ಆಸ್ತಿಗಳನ್ನು ನಿಯಮಬದ್ಧಗೊಳಿಸುವ ನಿರ್ಧಾರಕ್ಕೆ ಬರಲಾಗಿದೆ. ನಿರ್ಧಾರ ವಾಸ್ತವ ಮತ್ತು ಬದ್ಧವಾಗಿ ಬೀಳುವ ನಿರೀಕ್ಷೆ ಇದೆ' ಎಂದು ತಿಳಿಸಿದರು. ಬಿ ಖಾತಾ ಸಮಸ್ಯೆ ಪರಿಹಾರಕ್ಕೆ ಎಲ್ಲಾ ಬಿಕ್ಕಟ್ಟು ತಿಸ್ತು ತರಲು ಸರ್ಕಾರ ಸಮಿತಿ ರಚಿಸುವ ತೀರ್ಮಾನಿಸಲಾಗಿದೆ. ಬಿ-ಖಾತಾ ನೀಡಲಾದ ಆಸ್ತಿಗಳಿಗೆ ಎ- ಖಾತಾ ಅರ್ಹತೆ ನೀಡಲಾಗುವುದು.
ನಿರ್ಧಾರಿಸಲಾಗಿದೆ ಎಂದು ಹೇಳಿದರು. ಬಿಡಿಎ ಭೂ ಸ್ವಾಧೀನ ಪರಿಹಾರಕ್ಕೆ ಜಮೀನುಗಳನ್ನು ನಿಯಮಬದ್ಧಗೊಳಿಸಲು ಭೂಸ್ವಾಧೀನ ಕಾಯ್ದೆ 1984ರ ಕಲಂ 48 (1)ರಡಿಯಲ್ಲಿ ಭೂಸ್ವಾಧೀನದಿಂದ ಕೈಬಿಟ್ಟು ಹೊರಡಿಸಲಾದ ಅಧಿಸೂಚನೆಗಳನ್ನು (29 ಪ್ರಕರಣಗಳನ್ನು) ಹಿಂಪಡೆಯಲು ತೀರ್ಮಾನಿಸಲಾಗಿದೆ.
ಐದು ಪಾಲಿಕೆಗಳ ರಚನೆಗೆ ಸಂಪುಟ ಅಸ್ತು
ಗ್ರೇಟರ್ ಬೆಂಗಳೂರು ವ್ಯಾಪ್ತಿಯಲ್ಲಿ ಐದು ಪಾಲಿಕೆಗಳ ರಚನೆಗೆ ಸಚಿವ ಸಂಪುಟ ಸಭೆ ಅನುಮೋದನೆ ನೀಡಿದೆ. ಗ್ರೇಟರ್ ಬೆಂಗಳೂರು ಆಡಳಿತ ವಿಧೇಯಕ 2024-ರ ಪರಿಶೀಲಿಸಿ ಪಾಲನೆ ನೀಡಲು ಶಾಸಕ ರಿಜ್ವಾನ್ ಅರ್ಷದ್ ಅಧ್ಯಕ್ಷತೆಯಲ್ಲಿ ಕರ್ನಾಟಕ ವಿಧಾನ ಮಂಡಲ ಜಂಟಿ
02
